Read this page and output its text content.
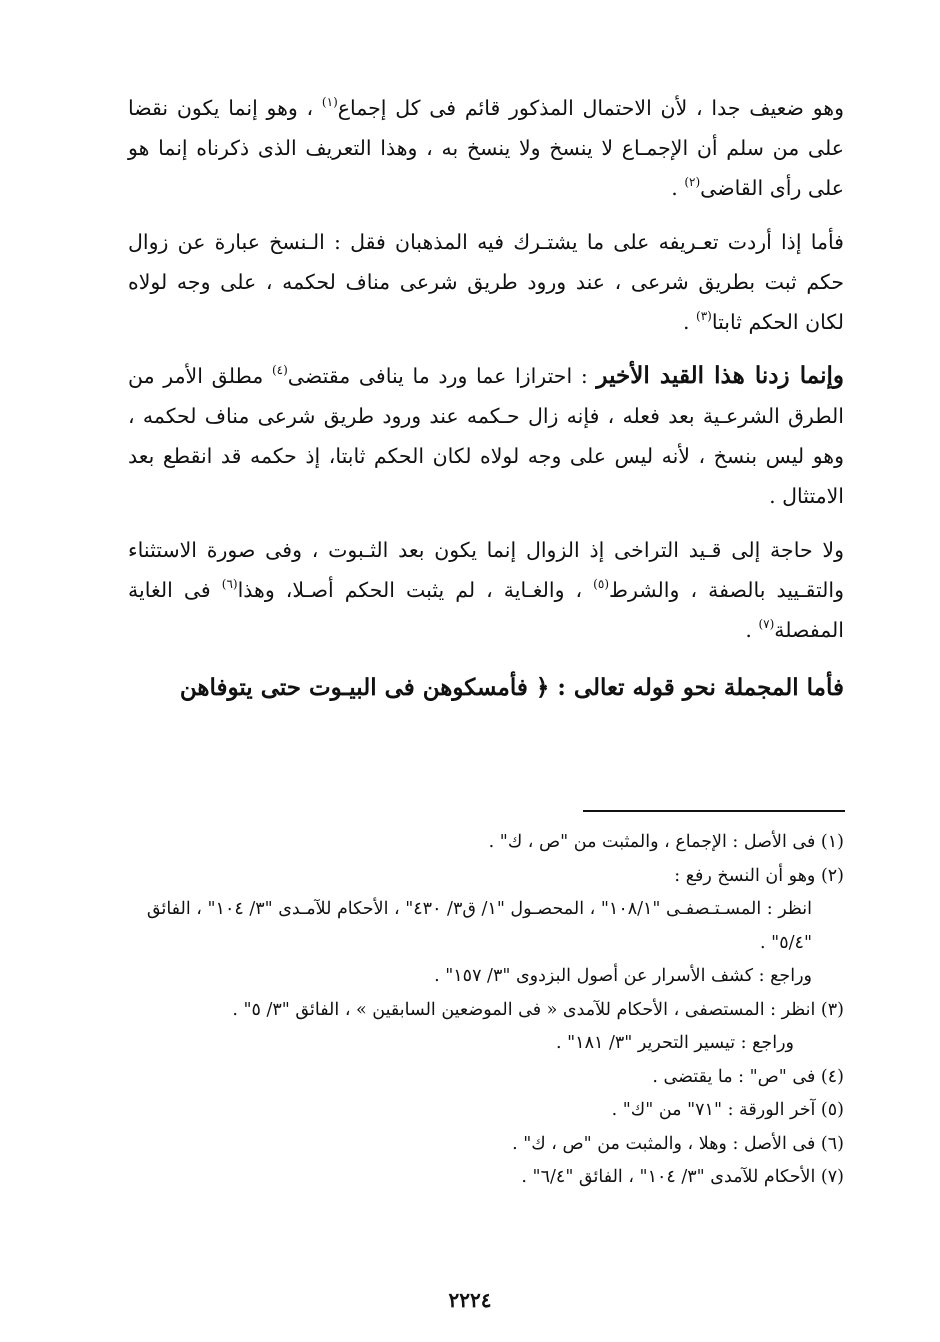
وهو ضعيف جدا ، لأن الاحتمال المذكور قائم فى كل إجماع$^{(١)}$ ، وهو إنما يكون نقضا على من سلم أن الإجمـاع لا ينسخ ولا ينسخ به ، وهذا التعريف الذى ذكرناه إنما هو على رأى القاضى$^{(٢)}$ .

فأما إذا أردت تعـريفه على ما يشتـرك فيه المذهبان فقل : الـنسخ عبارة عن زوال حكم ثبت بطريق شرعى ، عند ورود طريق شرعى مناف لحكمه ، على وجه لولاه لكان الحكم ثابتا$^{(٣)}$ .

وإنما زدنا هذا القيد الأخير : احترازا عما ورد ما ينافى مقتضى$^{(٤)}$ مطلق الأمر من الطرق الشرعـية بعد فعله ، فإنه زال حـكمه عند ورود طريق شرعى مناف لحكمه ، وهو ليس بنسخ ، لأنه ليس على وجه لولاه لكان الحكم ثابتا، إذ حكمه قد انقطع بعد الامتثال .

ولا حاجة إلى قـيد التراخى إذ الزوال إنما يكون بعد الثـبوت ، وفى صورة الاستثناء والتقـييد بالصفة ، والشرط$^{(٥)}$ ، والغـاية ، لم يثبت الحكم أصـلا، وهذا$^{(٦)}$ فى الغاية المفصلة$^{(٧)}$ .

فأما المجملة نحو قوله تعالى : ﴿ فأمسكوهن فى البيـوت حتى يتوفاهن

(١) فى الأصل : الإجماع ، والمثبت من "ص ، ك" .

(٢) وهو أن النسخ رفع :

انظر : المسـتـصفـى "١٠٨/١" ، المحصـول "١/ ق٣/ ٤٣٠" ، الأحكام للآمـدى "٣/ ١٠٤" ، الفائق "٥/٤" .

وراجع : كشف الأسرار عن أصول البزدوى "٣/ ١٥٧" .

(٣) انظر : المستصفى ، الأحكام للآمدى « فى الموضعين السابقين » ، الفائق "٣/ ٥" .

وراجع : تيسير التحرير "٣/ ١٨١" .

(٤) فى "ص" : ما يقتضى .

(٥) آخر الورقة : "٧١" من "ك" .

(٦) فى الأصل : وهلا ، والمثبت من "ص ، ك" .

(٧) الأحكام للآمدى "٣/ ١٠٤" ، الفائق "٦/٤" .

٢٢٢٤
